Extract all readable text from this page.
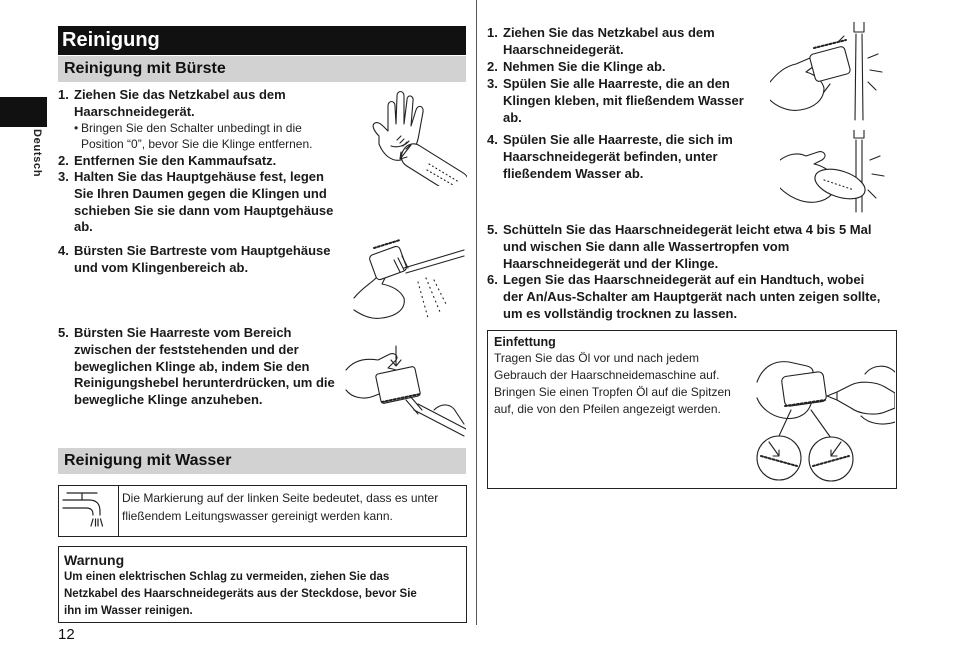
Deutsch
Reinigung
Reinigung mit Bürste
1. Ziehen Sie das Netzkabel aus dem
Haarschneidegerät.
• Bringen Sie den Schalter unbedingt in die
Position “0”, bevor Sie die Klinge entfernen.
2. Entfernen Sie den Kammaufsatz.
3. Halten Sie das Hauptgehäuse fest, legen
Sie Ihren Daumen gegen die Klingen und
schieben Sie sie dann vom Hauptgehäuse
ab.
4. Bürsten Sie Bartreste vom Hauptgehäuse
und vom Klingenbereich ab.
5. Bürsten Sie Haarreste vom Bereich
zwischen der feststehenden und der
beweglichen Klinge ab, indem Sie den
Reinigungshebel herunterdrücken, um die
bewegliche Klinge anzuheben.
Reinigung mit Wasser
Die Markierung auf der linken Seite bedeutet, dass es unter
fließendem Leitungswasser gereinigt werden kann.
Warnung
Um einen elektrischen Schlag zu vermeiden, ziehen Sie das
Netzkabel des Haarschneidegeräts aus der Steckdose, bevor Sie
ihn im Wasser reinigen.
12
1. Ziehen Sie das Netzkabel aus dem
Haarschneidegerät.
2. Nehmen Sie die Klinge ab.
3. Spülen Sie alle Haarreste, die an den
Klingen kleben, mit fließendem Wasser
ab.
4. Spülen Sie alle Haarreste, die sich im
Haarschneidegerät befinden, unter
fließendem Wasser ab.
5. Schütteln Sie das Haarschneidegerät leicht etwa 4 bis 5 Mal
und wischen Sie dann alle Wassertropfen vom
Haarschneidegerät und der Klinge.
6. Legen Sie das Haarschneidegerät auf ein Handtuch, wobei
der An/Aus-Schalter am Hauptgerät nach unten zeigen sollte,
um es vollständig trocknen zu lassen.
Einfettung
Tragen Sie das Öl vor und nach jedem
Gebrauch der Haarschneidemaschine auf.
Bringen Sie einen Tropfen Öl auf die Spitzen
auf, die von den Pfeilen angezeigt werden.
